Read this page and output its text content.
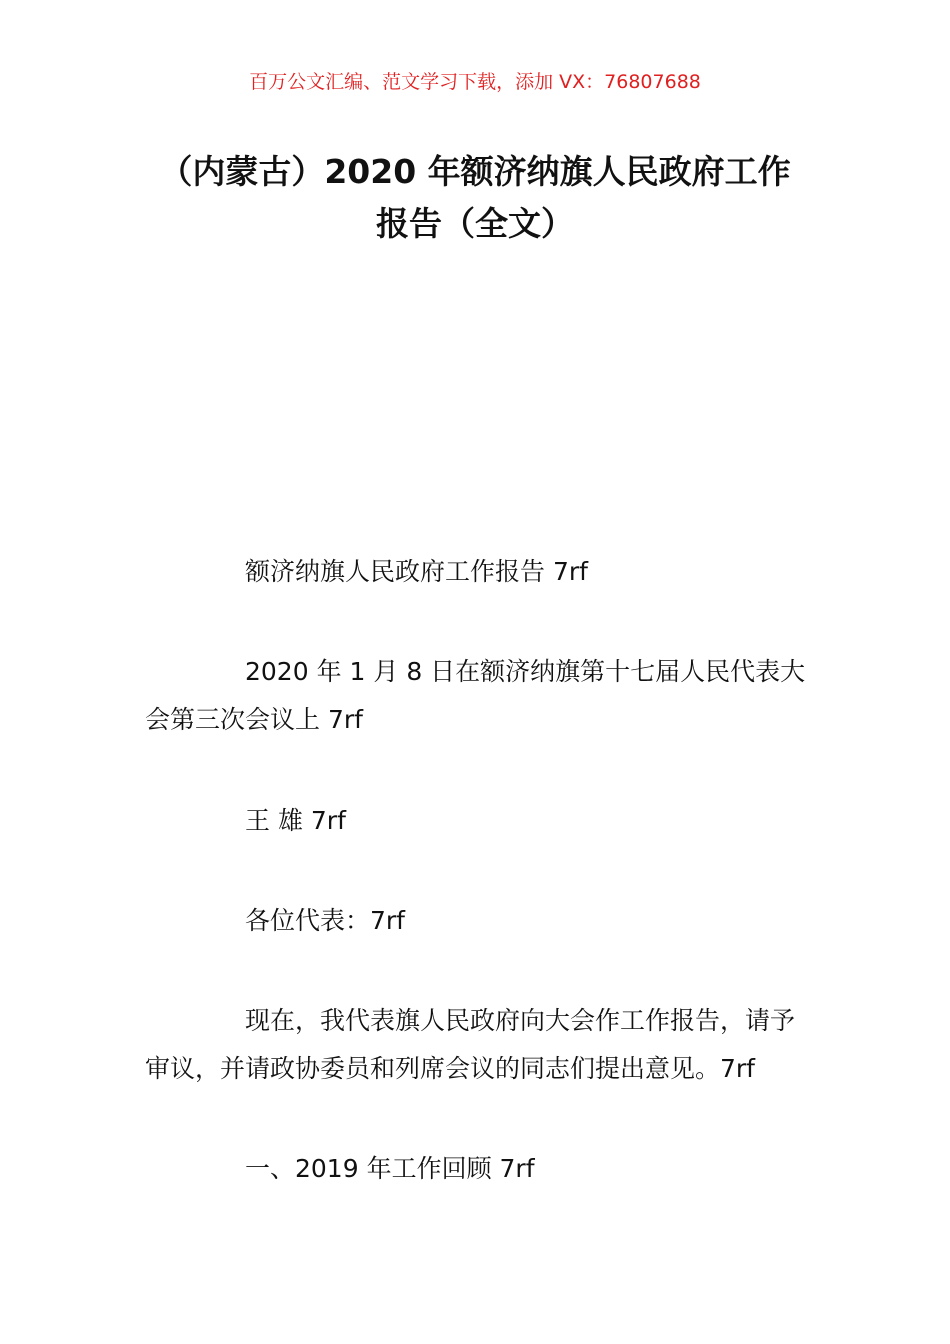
百万公文汇编、范文学习下载，添加 VX：76807688
（内蒙古）2020 年额济纳旗人民政府工作
报告（全文）
额济纳旗人民政府工作报告 7rf
2020 年 1 月 8 日在额济纳旗第十七届人民代表大会第三次会议上 7rf
王 雄 7rf
各位代表：7rf
现在，我代表旗人民政府向大会作工作报告，请予审议，并请政协委员和列席会议的同志们提出意见。7rf
一、2019 年工作回顾 7rf
